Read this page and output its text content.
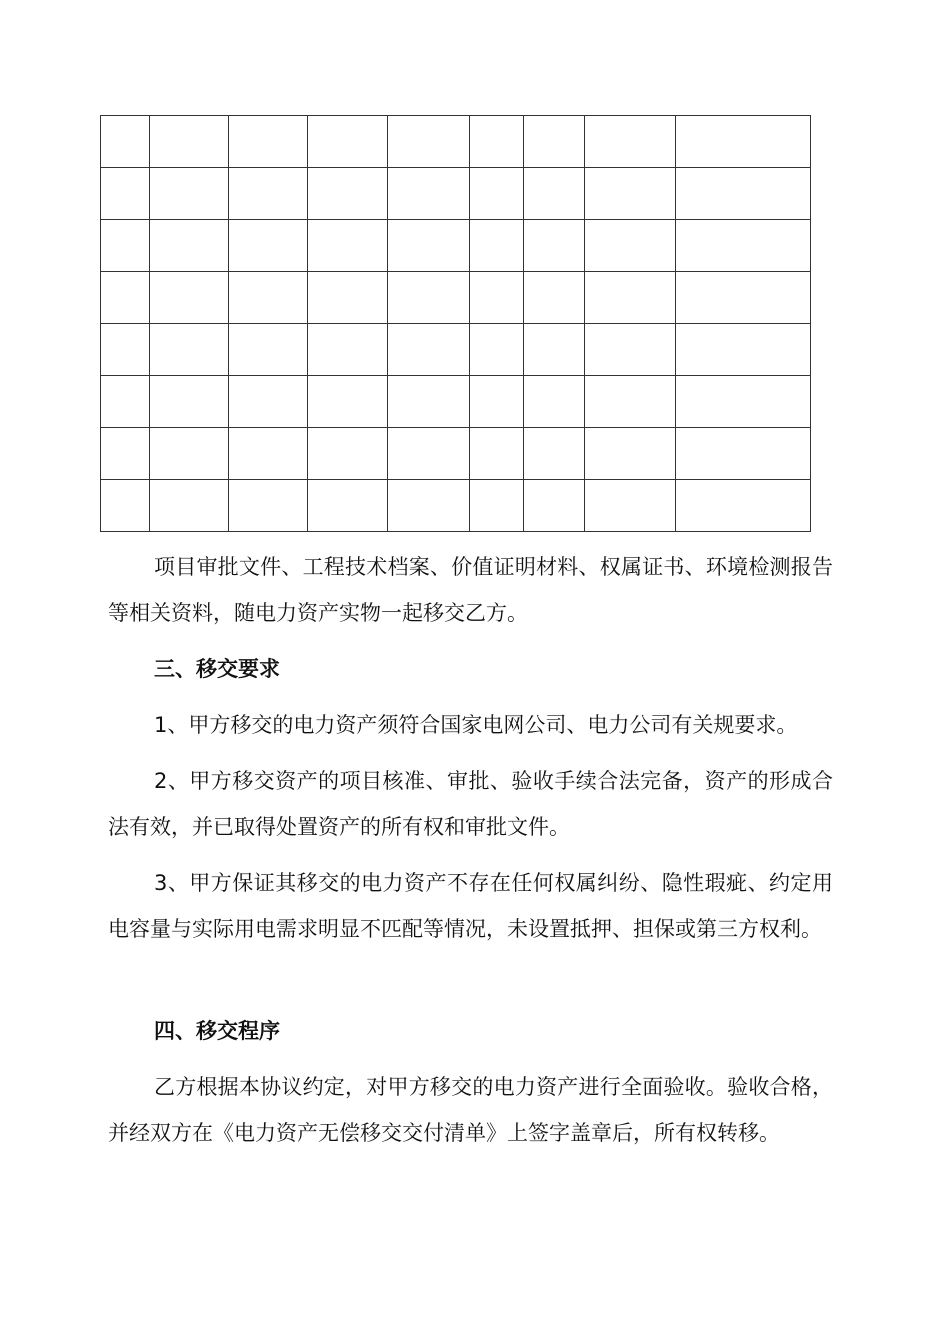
项目审批文件、工程技术档案、价值证明材料、权属证书、环境检测报告等相关资料，随电力资产实物一起移交乙方。

三、移交要求

1、甲方移交的电力资产须符合国家电网公司、电力公司有关规要求。

2、甲方移交资产的项目核准、审批、验收手续合法完备，资产的形成合法有效，并已取得处置资产的所有权和审批文件。

3、甲方保证其移交的电力资产不存在任何权属纠纷、隐性瑕疵、约定用电容量与实际用电需求明显不匹配等情况，未设置抵押、担保或第三方权利。

四、移交程序

乙方根据本协议约定，对甲方移交的电力资产进行全面验收。验收合格，并经双方在《电力资产无偿移交交付清单》上签字盖章后，所有权转移。
